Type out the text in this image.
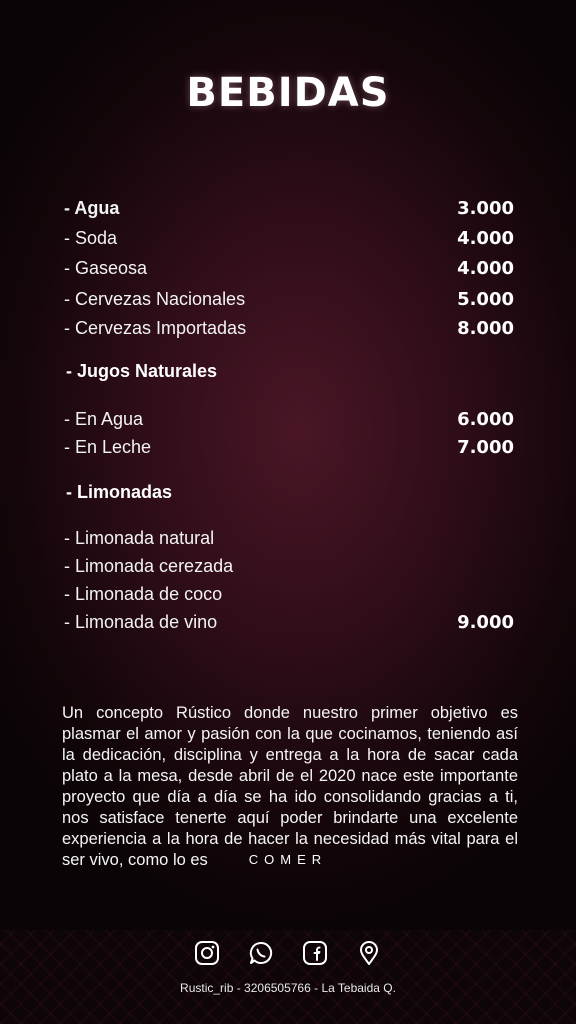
BEBIDAS
- Agua	3.000
- Soda	4.000
- Gaseosa	4.000
- Cervezas Nacionales	5.000
- Cervezas Importadas	8.000
- Jugos Naturales
- En Agua	6.000
- En Leche	7.000
- Limonadas
- Limonada natural
- Limonada cerezada
- Limonada de coco
- Limonada de vino	9.000
Un concepto Rústico donde nuestro primer objetivo es plasmar el amor y pasión con la que cocinamos, teniendo así la dedicación, disciplina y entrega a la hora de sacar cada plato a la mesa, desde abril de el 2020 nace este importante proyecto que día a día se ha ido consolidando gracias a ti, nos satisface tenerte aquí poder brindarte una excelente experiencia a la hora de hacer la necesidad más vital para el ser vivo, como lo es	COMER
Rustic_rib - 3206505766 - La Tebaida Q.
